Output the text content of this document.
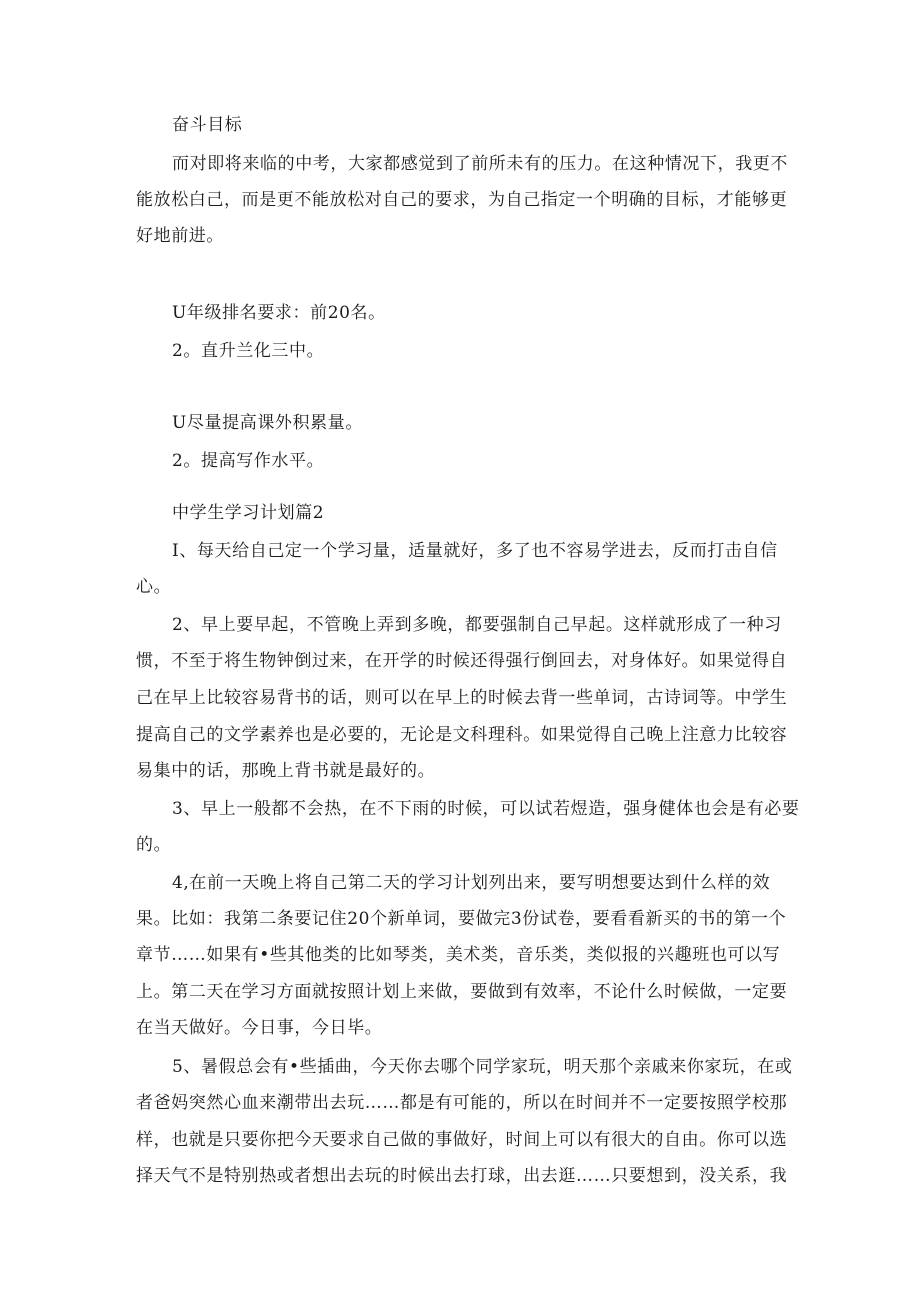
奋斗目标
而对即将来临的中考，大家都感觉到了前所未有的压力。在这种情况下，我更不
能放松白己，而是更不能放松对自己的要求，为自己指定一个明确的目标，才能够更
好地前进。
U年级排名要求：前20名。
2。直升兰化三中。
U尽量提高课外积累量。
2。提高写作水平。
中学生学习计划篇2
I、每天给自己定一个学习量，适量就好，多了也不容易学进去，反而打击自信
心。
2、早上要早起，不管晚上弄到多晚，都要强制自己早起。这样就形成了一种习
惯，不至于将生物钟倒过来，在开学的时候还得强行倒回去，对身体好。如果觉得自
己在早上比较容易背书的话，则可以在早上的时候去背一些单词，古诗词等。中学生
提高自己的文学素养也是必要的，无论是文科理科。如果觉得自己晚上注意力比较容
易集中的话，那晚上背书就是最好的。
3、早上一般都不会热，在不下雨的时候，可以试若煜造，强身健体也会是有必要
的。
4,在前一天晚上将自己第二天的学习计划列出来，要写明想要达到什么样的效
果。比如：我第二条要记住20个新单词，要做完3份试卷，要看看新买的书的第一个
章节……如果有•些其他类的比如琴类，美术类，音乐类，类似报的兴趣班也可以写
上。第二天在学习方面就按照计划上来做，要做到有效率，不论什么时候做，一定要
在当天做好。今日事，今日毕。
5、暑假总会有•些插曲，今天你去哪个同学家玩，明天那个亲戚来你家玩，在或
者爸妈突然心血来潮带出去玩……都是有可能的，所以在时间并不一定要按照学校那
样，也就是只要你把今天要求自己做的事做好，时间上可以有很大的自由。你可以选
择天气不是特别热或者想出去玩的时候出去打球，出去逛……只要想到，没关系，我
